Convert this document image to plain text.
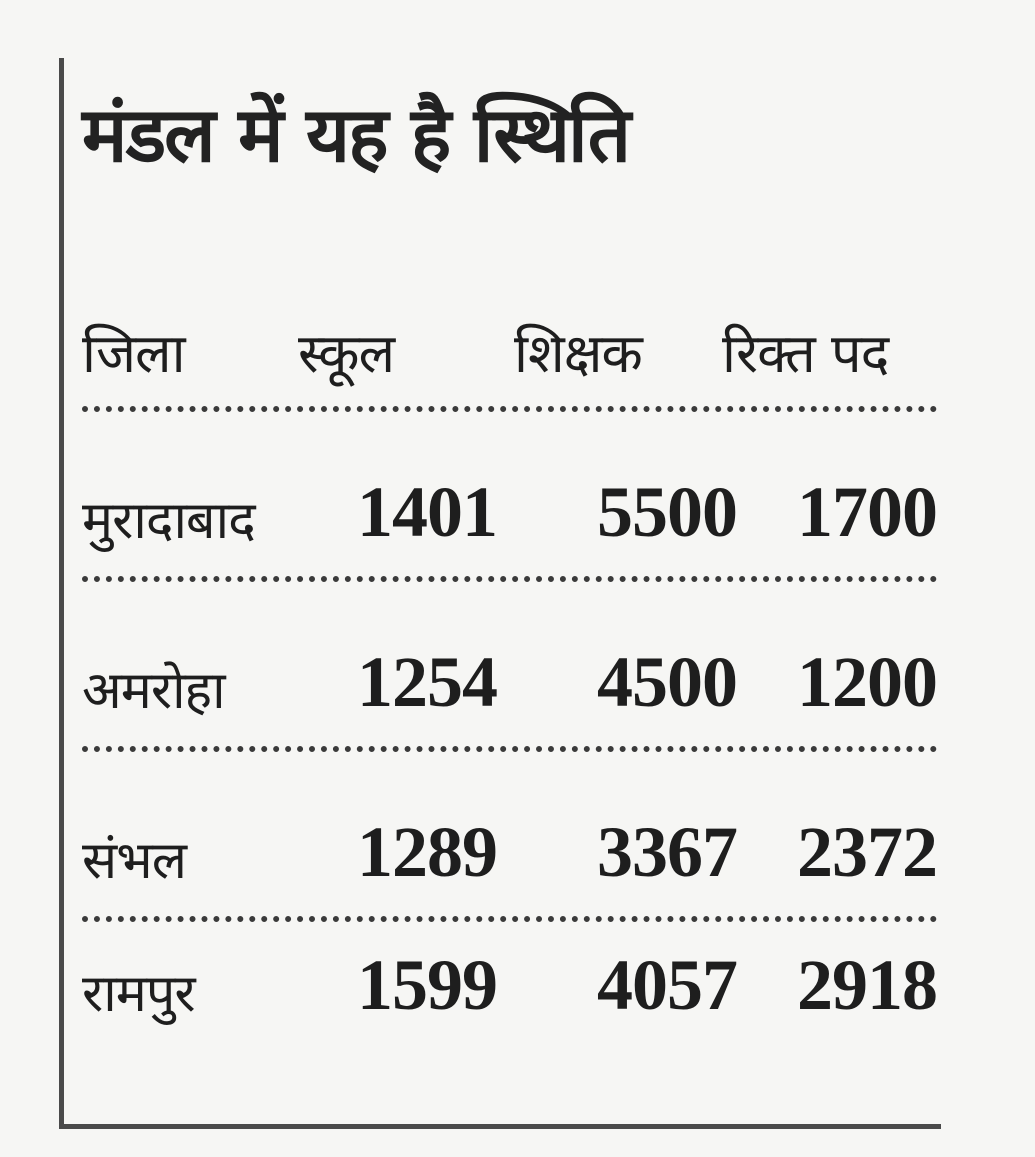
मंडल में यह है स्थिति
जिला स्कूल शिक्षक रिक्त पद
मुरादाबाद 1401 5500 1700
अमरोहा 1254 4500 1200
संभल 1289 3367 2372
रामपुर 1599 4057 2918
